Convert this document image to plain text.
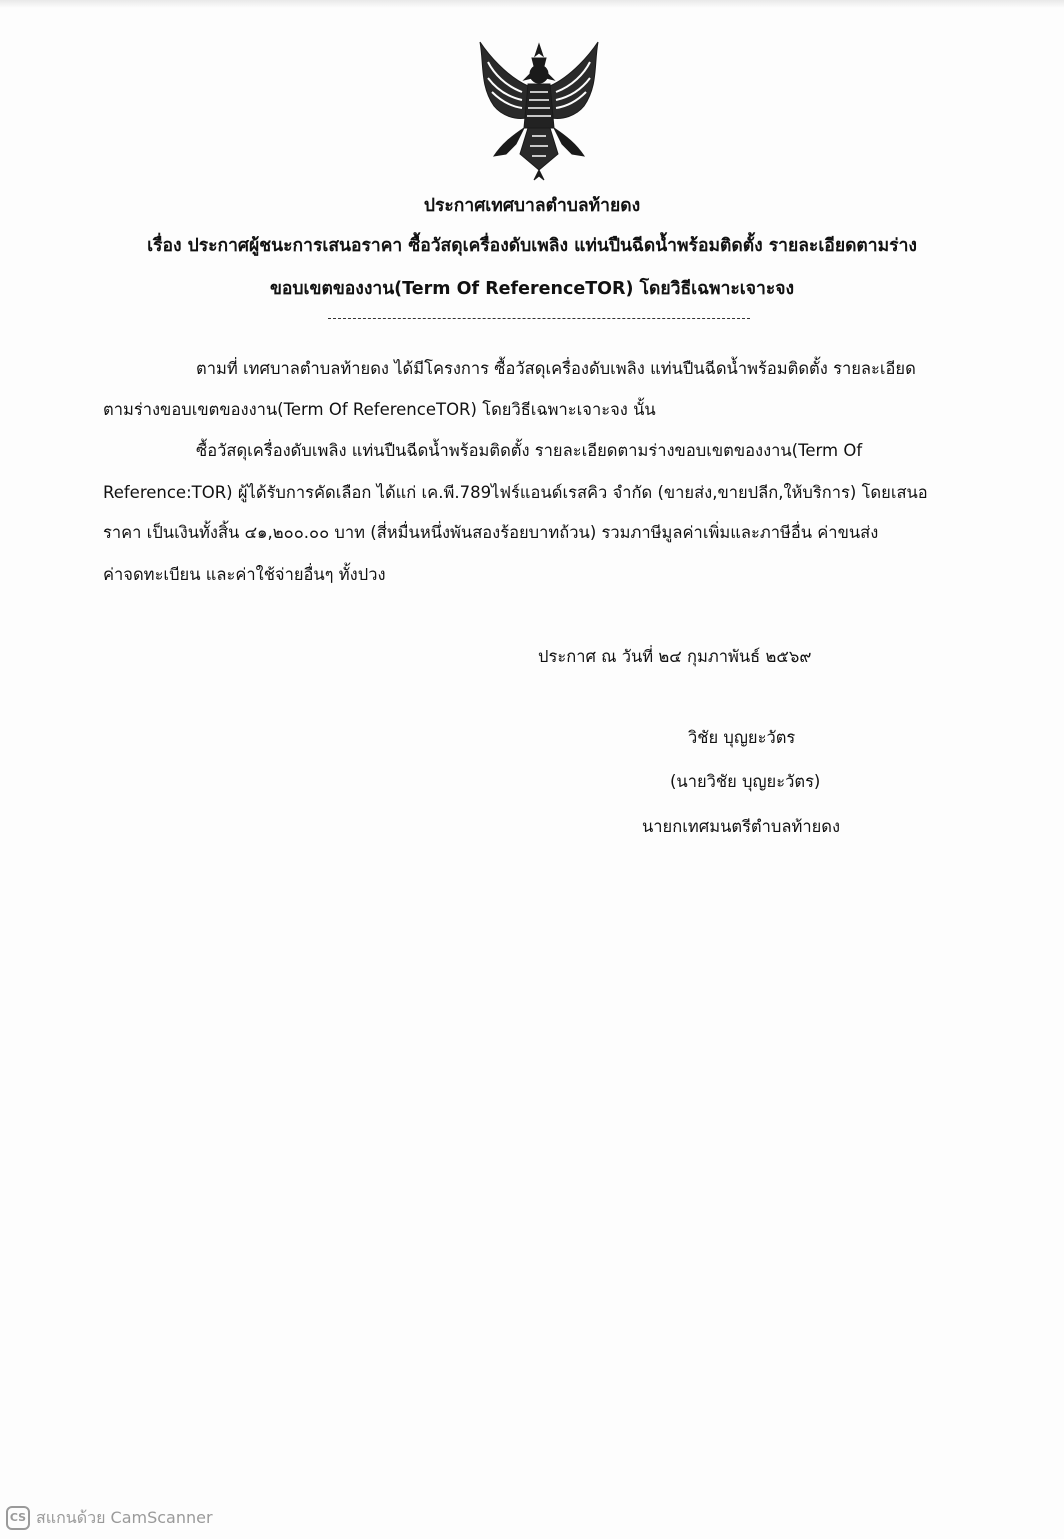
ประกาศเทศบาลตำบลท้ายดง
เรื่อง ประกาศผู้ชนะการเสนอราคา ซื้อวัสดุเครื่องดับเพลิง แท่นปืนฉีดน้ำพร้อมติดตั้ง รายละเอียดตามร่าง
ขอบเขตของงาน(Term Of ReferenceTOR) โดยวิธีเฉพาะเจาะจง
ตามที่ เทศบาลตำบลท้ายดง ได้มีโครงการ ซื้อวัสดุเครื่องดับเพลิง แท่นปืนฉีดน้ำพร้อมติดตั้ง รายละเอียด
ตามร่างขอบเขตของงาน(Term Of ReferenceTOR) โดยวิธีเฉพาะเจาะจง นั้น
ซื้อวัสดุเครื่องดับเพลิง แท่นปืนฉีดน้ำพร้อมติดตั้ง รายละเอียดตามร่างขอบเขตของงาน(Term Of
Reference:TOR) ผู้ได้รับการคัดเลือก ได้แก่ เค.พี.789ไฟร์แอนด์เรสคิว จำกัด (ขายส่ง,ขายปลีก,ให้บริการ) โดยเสนอ
ราคา เป็นเงินทั้งสิ้น ๔๑,๒๐๐.๐๐ บาท (สี่หมื่นหนึ่งพันสองร้อยบาทถ้วน) รวมภาษีมูลค่าเพิ่มและภาษีอื่น ค่าขนส่ง
ค่าจดทะเบียน และค่าใช้จ่ายอื่นๆ ทั้งปวง
ประกาศ ณ วันที่ ๒๔ กุมภาพันธ์ ๒๕๖๙
วิชัย บุญยะวัตร
(นายวิชัย บุญยะวัตร)
นายกเทศมนตรีตำบลท้ายดง
CS สแกนด้วย CamScanner
